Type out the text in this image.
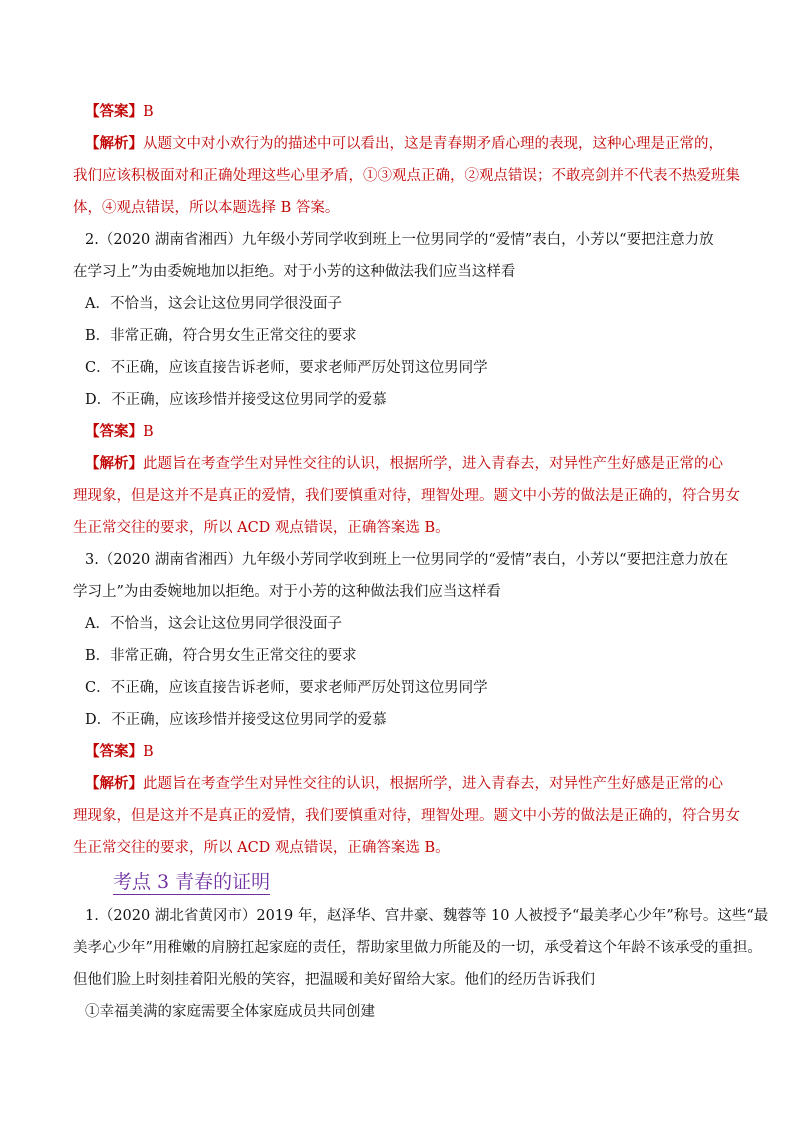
【答案】B

【解析】从题文中对小欢行为的描述中可以看出，这是青春期矛盾心理的表现，这种心理是正常的，

我们应该积极面对和正确处理这些心里矛盾，①③观点正确，②观点错误；不敢亮剑并不代表不热爱班集

体，④观点错误，所以本题选择 B 答案。

2.（2020 湖南省湘西）九年级小芳同学收到班上一位男同学的“爱情”表白，小芳以“要把注意力放

在学习上”为由委婉地加以拒绝。对于小芳的这种做法我们应当这样看

A．不恰当，这会让这位男同学很没面子

B．非常正确，符合男女生正常交往的要求

C．不正确，应该直接告诉老师，要求老师严厉处罚这位男同学

D．不正确，应该珍惜并接受这位男同学的爱慕

【答案】B

【解析】此题旨在考查学生对异性交往的认识，根据所学，进入青春去，对异性产生好感是正常的心

理现象，但是这并不是真正的爱情，我们要慎重对待，理智处理。题文中小芳的做法是正确的，符合男女

生正常交往的要求，所以 ACD 观点错误，正确答案选 B。

3.（2020 湖南省湘西）九年级小芳同学收到班上一位男同学的“爱情”表白，小芳以“要把注意力放在

学习上”为由委婉地加以拒绝。对于小芳的这种做法我们应当这样看

A．不恰当，这会让这位男同学很没面子

B．非常正确，符合男女生正常交往的要求

C．不正确，应该直接告诉老师，要求老师严厉处罚这位男同学

D．不正确，应该珍惜并接受这位男同学的爱慕

【答案】B

【解析】此题旨在考查学生对异性交往的认识，根据所学，进入青春去，对异性产生好感是正常的心

理现象，但是这并不是真正的爱情，我们要慎重对待，理智处理。题文中小芳的做法是正确的，符合男女

生正常交往的要求，所以 ACD 观点错误，正确答案选 B。

考点 3 青春的证明

1.（2020 湖北省黄冈市）2019 年，赵泽华、宫井豪、魏蓉等 10 人被授予“最美孝心少年”称号。这些“最

美孝心少年”用稚嫩的肩膀扛起家庭的责任，帮助家里做力所能及的一切，承受着这个年龄不该承受的重担。

但他们脸上时刻挂着阳光般的笑容，把温暖和美好留给大家。他们的经历告诉我们

①幸福美满的家庭需要全体家庭成员共同创建
